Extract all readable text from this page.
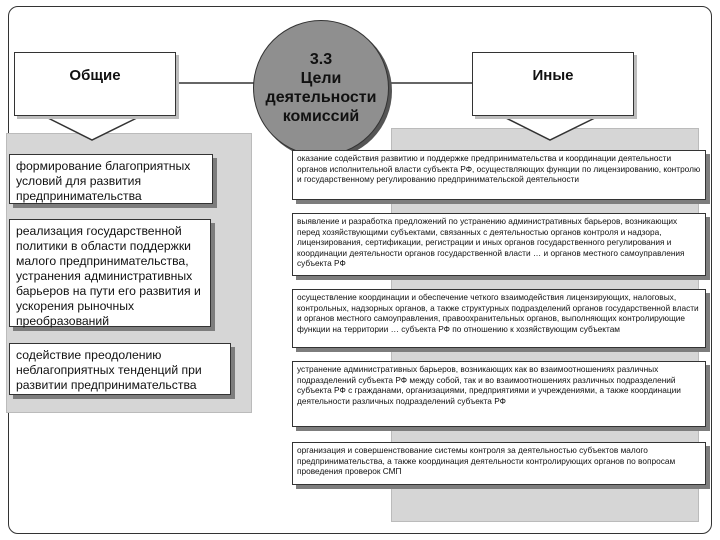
Общие	Иные
3.3
Цели
деятельности
комиссий
формирование благоприятных условий для развития предпринимательства
реализация государственной политики в области поддержки малого предпринимательства, устранения административных барьеров на пути его развития и ускорения рыночных преобразований
содействие преодолению неблагоприятных тенденций при развитии предпринимательства
оказание содействия развитию и поддержке предпринимательства и координации деятельности органов исполнительной власти субъекта РФ, осуществляющих функции по лицензированию, контролю и государственному регулированию предпринимательской деятельности
выявление и разработка предложений по устранению административных барьеров, возникающих перед хозяйствующими субъектами, связанных с деятельностью органов контроля и надзора, лицензирования, сертификации, регистрации и иных органов государственного регулирования и координации деятельности органов государственной власти … и органов местного самоуправления субъекта РФ
осуществление координации и обеспечение четкого взаимодействия лицензирующих, налоговых, контрольных, надзорных органов, а также структурных подразделений органов государственной власти и органов местного самоуправления, правоохранительных органов, выполняющих контролирующие функции на территории … субъекта РФ по отношению к хозяйствующим субъектам
устранение административных барьеров, возникающих как во взаимоотношениях различных подразделений субъекта РФ между собой, так и во взаимоотношениях различных подразделений субъекта РФ с гражданами, организациями, предприятиями и учреждениями, а также координации деятельности различных подразделений субъекта РФ
организация и совершенствование системы контроля за деятельностью субъектов малого предпринимательства, а также координация деятельности контролирующих органов по вопросам проведения проверок СМП
